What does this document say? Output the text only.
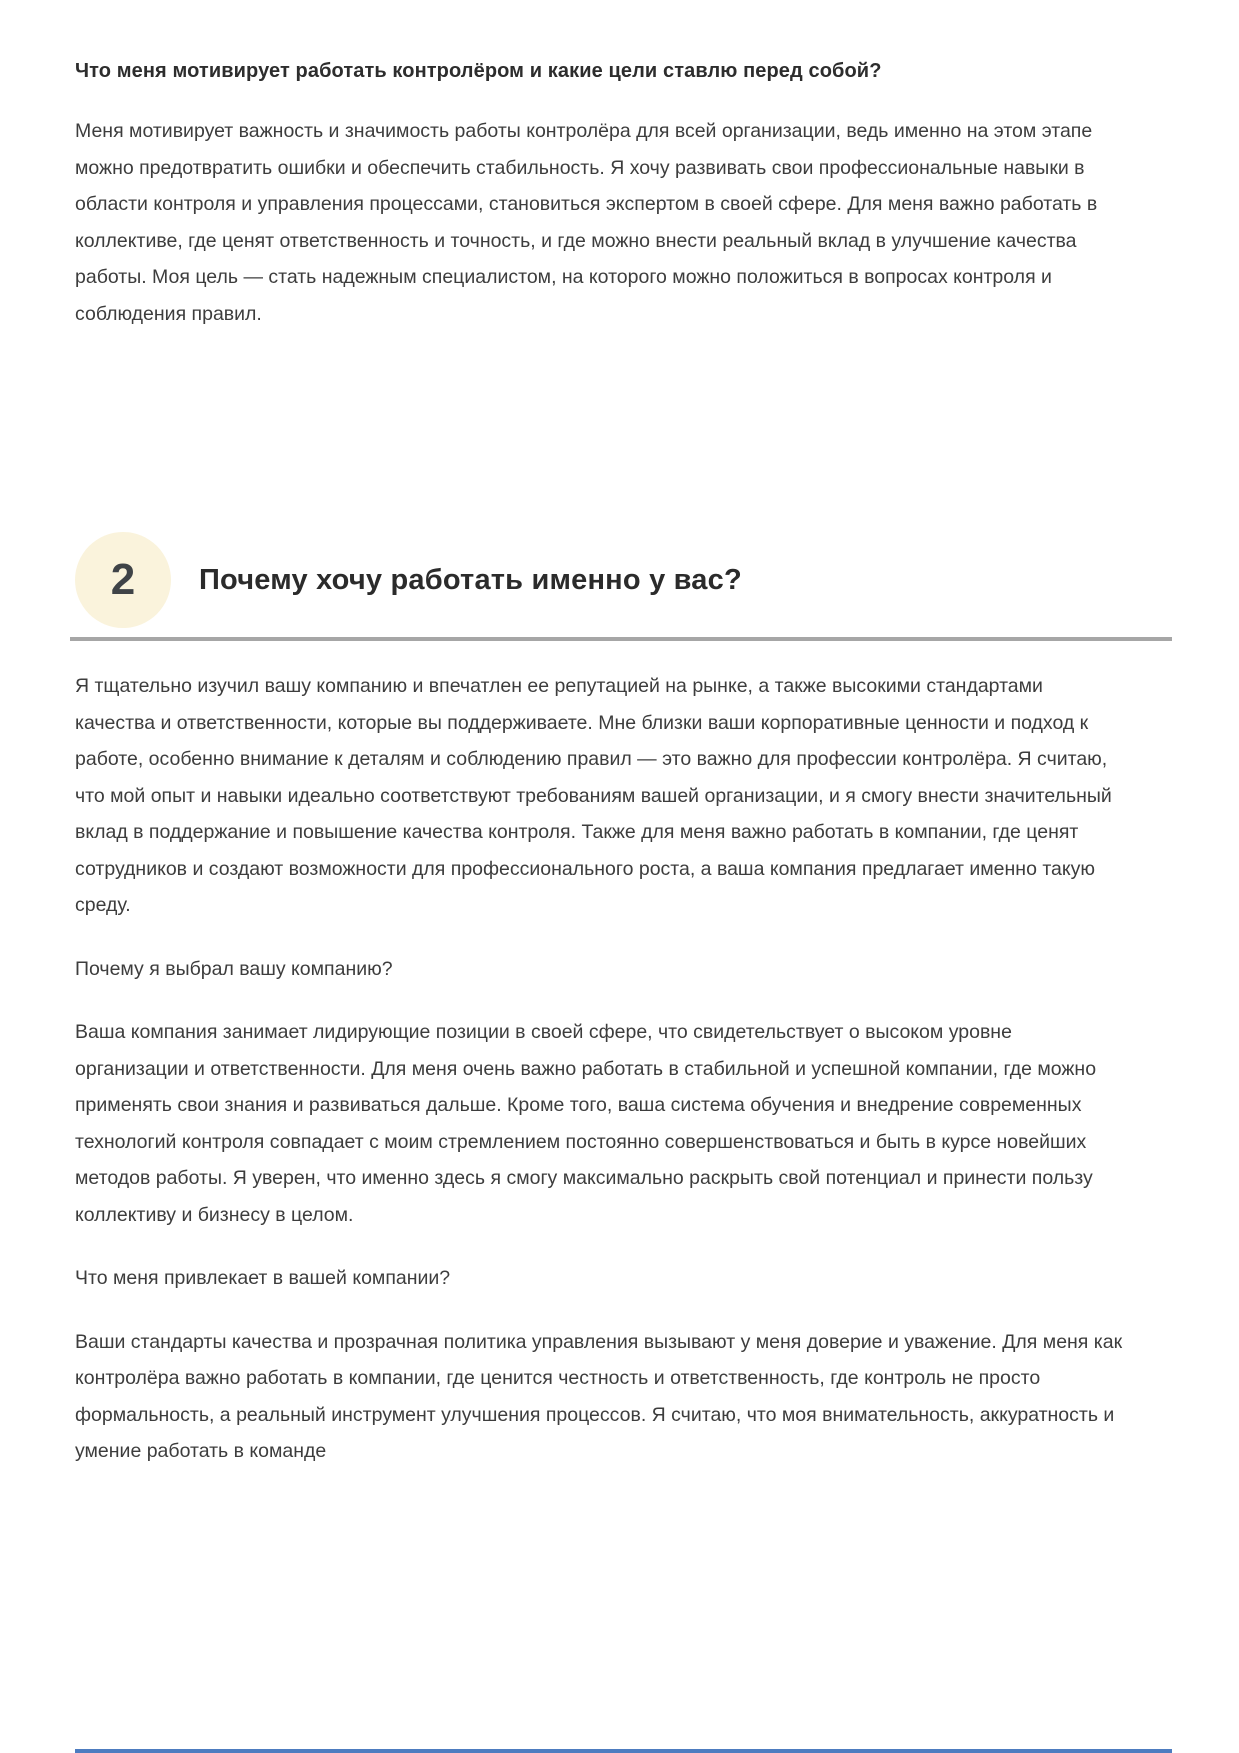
Что меня мотивирует работать контролёром и какие цели ставлю перед собой?

Меня мотивирует важность и значимость работы контролёра для всей организации, ведь именно на этом этапе можно предотвратить ошибки и обеспечить стабильность. Я хочу развивать свои профессиональные навыки в области контроля и управления процессами, становиться экспертом в своей сфере. Для меня важно работать в коллективе, где ценят ответственность и точность, и где можно внести реальный вклад в улучшение качества работы. Моя цель — стать надежным специалистом, на которого можно положиться в вопросах контроля и соблюдения правил.

2	Почему хочу работать именно у вас?

Я тщательно изучил вашу компанию и впечатлен ее репутацией на рынке, а также высокими стандартами качества и ответственности, которые вы поддерживаете. Мне близки ваши корпоративные ценности и подход к работе, особенно внимание к деталям и соблюдению правил — это важно для профессии контролёра. Я считаю, что мой опыт и навыки идеально соответствуют требованиям вашей организации, и я смогу внести значительный вклад в поддержание и повышение качества контроля. Также для меня важно работать в компании, где ценят сотрудников и создают возможности для профессионального роста, а ваша компания предлагает именно такую среду.

Почему я выбрал вашу компанию?

Ваша компания занимает лидирующие позиции в своей сфере, что свидетельствует о высоком уровне организации и ответственности. Для меня очень важно работать в стабильной и успешной компании, где можно применять свои знания и развиваться дальше. Кроме того, ваша система обучения и внедрение современных технологий контроля совпадает с моим стремлением постоянно совершенствоваться и быть в курсе новейших методов работы. Я уверен, что именно здесь я смогу максимально раскрыть свой потенциал и принести пользу коллективу и бизнесу в целом.

Что меня привлекает в вашей компании?

Ваши стандарты качества и прозрачная политика управления вызывают у меня доверие и уважение. Для меня как контролёра важно работать в компании, где ценится честность и ответственность, где контроль не просто формальность, а реальный инструмент улучшения процессов. Я считаю, что моя внимательность, аккуратность и умение работать в команде
